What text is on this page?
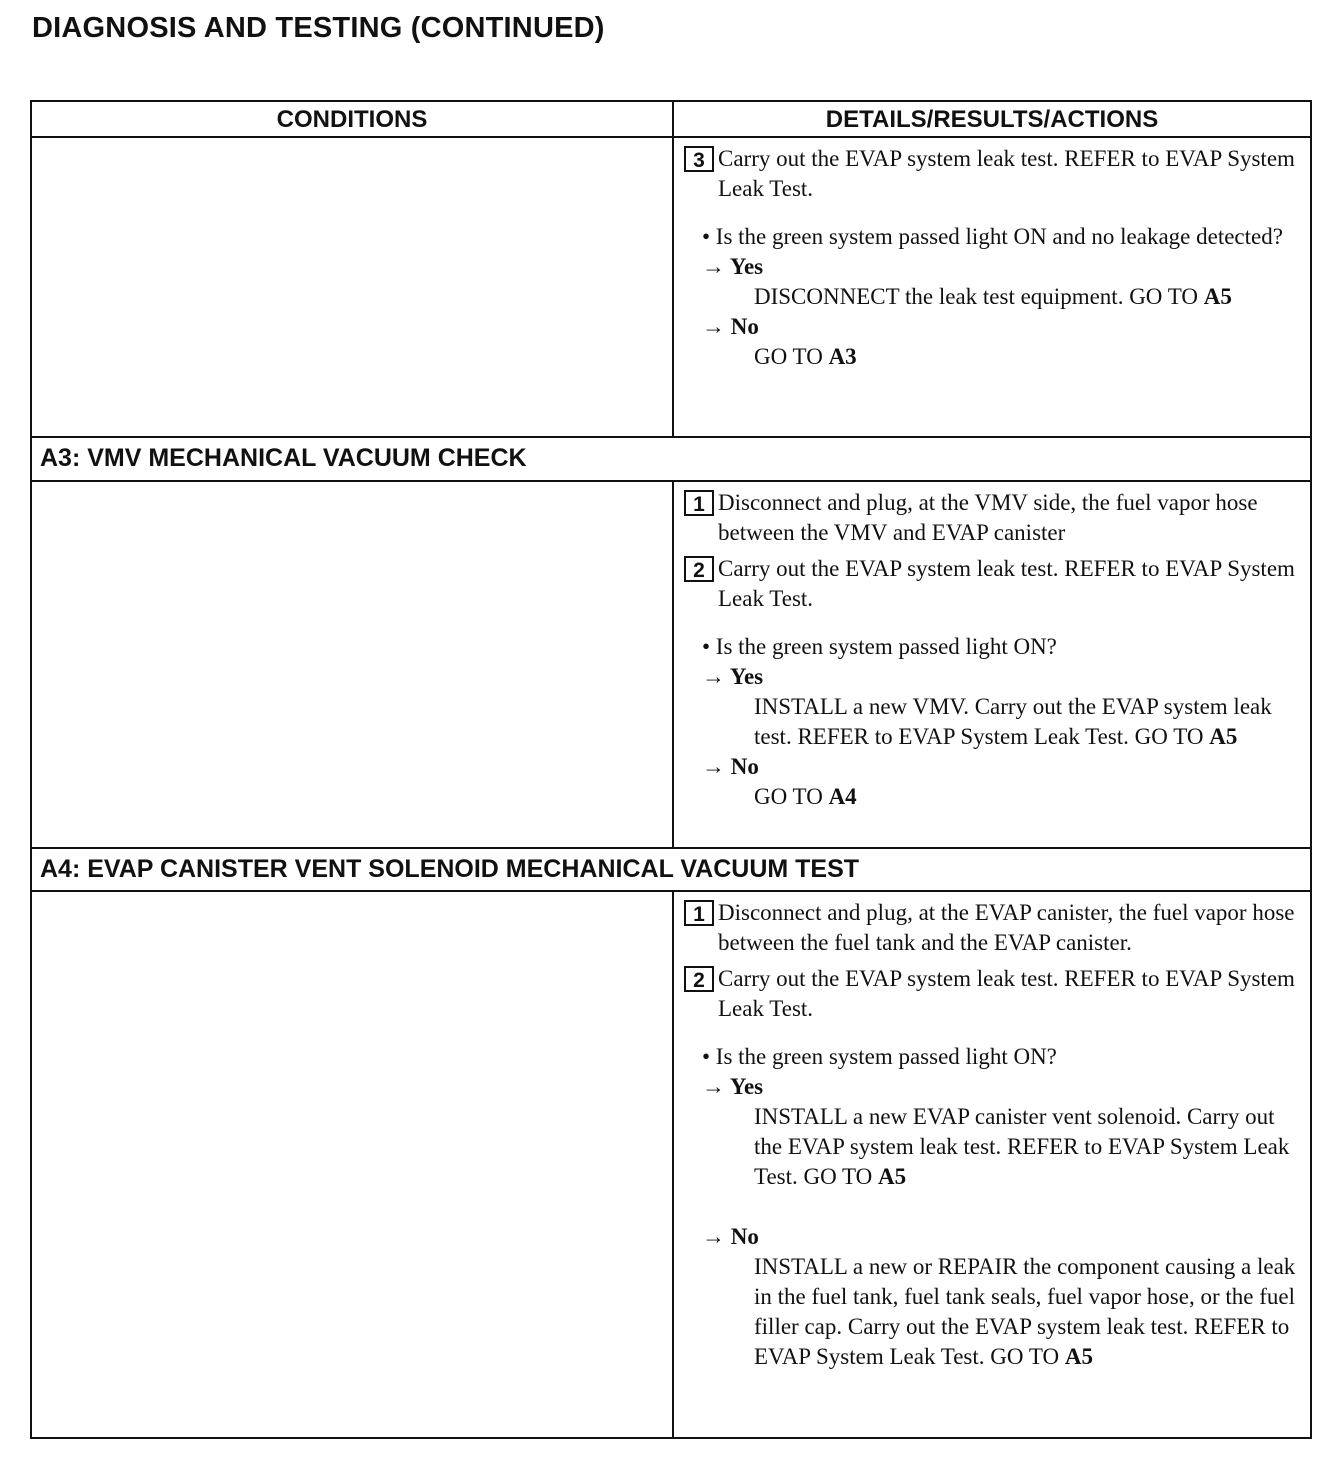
DIAGNOSIS AND TESTING (CONTINUED)
CONDITIONS	DETAILS/RESULTS/ACTIONS
3 Carry out the EVAP system leak test. REFER to EVAP System Leak Test.
• Is the green system passed light ON and no leakage detected?
→ Yes
DISCONNECT the leak test equipment. GO TO A5
→ No
GO TO A3
A3: VMV MECHANICAL VACUUM CHECK
1 Disconnect and plug, at the VMV side, the fuel vapor hose between the VMV and EVAP canister
2 Carry out the EVAP system leak test. REFER to EVAP System Leak Test.
• Is the green system passed light ON?
→ Yes
INSTALL a new VMV. Carry out the EVAP system leak test. REFER to EVAP System Leak Test. GO TO A5
→ No
GO TO A4
A4: EVAP CANISTER VENT SOLENOID MECHANICAL VACUUM TEST
1 Disconnect and plug, at the EVAP canister, the fuel vapor hose between the fuel tank and the EVAP canister.
2 Carry out the EVAP system leak test. REFER to EVAP System Leak Test.
• Is the green system passed light ON?
→ Yes
INSTALL a new EVAP canister vent solenoid. Carry out the EVAP system leak test. REFER to EVAP System Leak Test. GO TO A5
→ No
INSTALL a new or REPAIR the component causing a leak in the fuel tank, fuel tank seals, fuel vapor hose, or the fuel filler cap. Carry out the EVAP system leak test. REFER to EVAP System Leak Test. GO TO A5
